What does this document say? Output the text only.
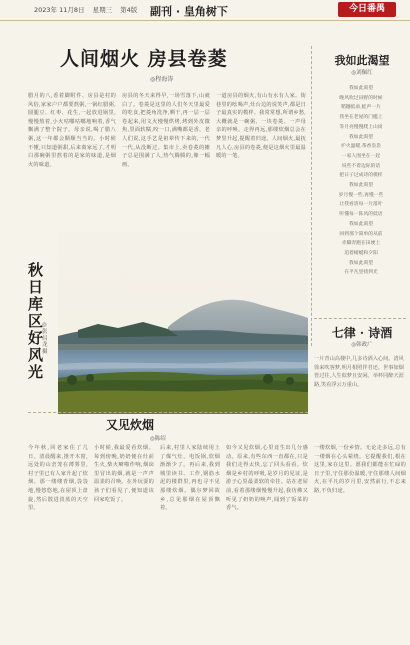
2023年 11月8日 星期三 第4版	副刊 · 皇角树下	今日番禺
人间烟火 房县卷菱
◎程海涛
腊月的八,香着脚附件、房县是村的风俗,家家户户都要熬粥,一锅红腊粥,圆腿豆、红枣、花生,一起放进锅里,慢慢熬着,小火咕嘟咕嘟地响着,香气飘满了整个院子。母亲说,喝了腊八粥,这一年都会顺顺当当的。小时候不懂,只知道粥甜,后来离家远了,才明白那碗粥里熬着的是家的味道,是烟火的味道。
房县的冬天来得早,一场雪落下,山就白了。卷菱是这里的人们冬天里最爱的吃食,把菱角洗净,晒干,再一层一层卷起来,用文火慢慢烘烤,烤到外皮微焦,里面软糯,咬一口,满嘴都是香。老人们说,这手艺是祖辈传下来的,一代一代,从没断过。集市上,卖卷菱的摊子总是围满了人,热气腾腾的,像一幅画。
一道房县的烟火,有山有水有人家。街巷里的吆喝声,灶台边的说笑声,都是日子最真实的模样。我常常想,所谓乡愁,大概就是一碗粥、一块卷菱、一声母亲的呼唤。走得再远,那缕炊烟总会在梦里升起,提醒着归途。人间烟火,最抚凡人心,房县的卷菱,便是这烟火里最温暖的一笔。
我如此渴望
◎刘佩红
我如此渴望
晚风吹过田野的时候
稻穗低垂,蛙声一片
我坐在老屋的门槛上
等月亮慢慢爬上山岗
我如此渴望
炉火温暖,茶香袅袅
一家人围坐在一起
说些不着边际的话
把日子过成诗的模样
我如此渴望
岁月慢一些,再慢一些
让我看清每一片落叶
听懂每一阵风的低语
我如此渴望
回到那个简单的从前
赤脚奔跑在田埂上
追着蜻蜓和夕阳
我如此渴望
在平凡里找到光
七律 · 诗酒
◎韩政广
一片青山高楼中,几多诗酒入心间。清风徐来吹客梦,明月相照伴君还。世事如烟皆过往,人生似梦且安闲。举杯同醉天涯路,笑看浮云万重山。
秋日库区好风光
◎张昌龙 摄
又见炊烟
◎陈绍
今年秋,回老家住了几日。清晨醒来,推开木窗,远处的山峦笼在薄雾里,村子里已有人家升起了炊烟。那一缕缕青烟,袅袅地,慢悠悠地,在屋顶上盘旋,然后散进淡蓝的天空里。
小时候,我最爱看炊烟。每到傍晚,奶奶便在灶前生火,柴火噼啪作响,烟囱里冒出的烟,就是一声声温柔的召唤。在外玩耍的孩子们看见了,便知道该回家吃饭了。
后来,村里人家陆续用上了煤气灶、电饭锅,炊烟渐渐少了。再后来,我到城里读书、工作,钢筋水泥的楼群里,再也寻不见那缕炊烟。偶尔梦回故乡,总见那烟在屋顶飘着。
如今又见炊烟,心里竟生出几分感动。原来,有些东西一直都在,只是我们走得太快,忘了回头看看。炊烟是乡村的呼吸,是岁月的见证,是游子心里最柔软的牵挂。站在老屋前,看着那缕烟慢慢升起,我仿佛又听见了奶奶的唤声,闻到了饭菜的香气。
一缕炊烟,一份乡情。无论走多远,总有一缕烟在心头萦绕。它提醒我们,根在这里,家在这里。愿我们都能在忙碌的日子里,守住那份温暖,守住那缕人间烟火,在平凡的岁月里,安然前行,不忘来路,不负归途。
